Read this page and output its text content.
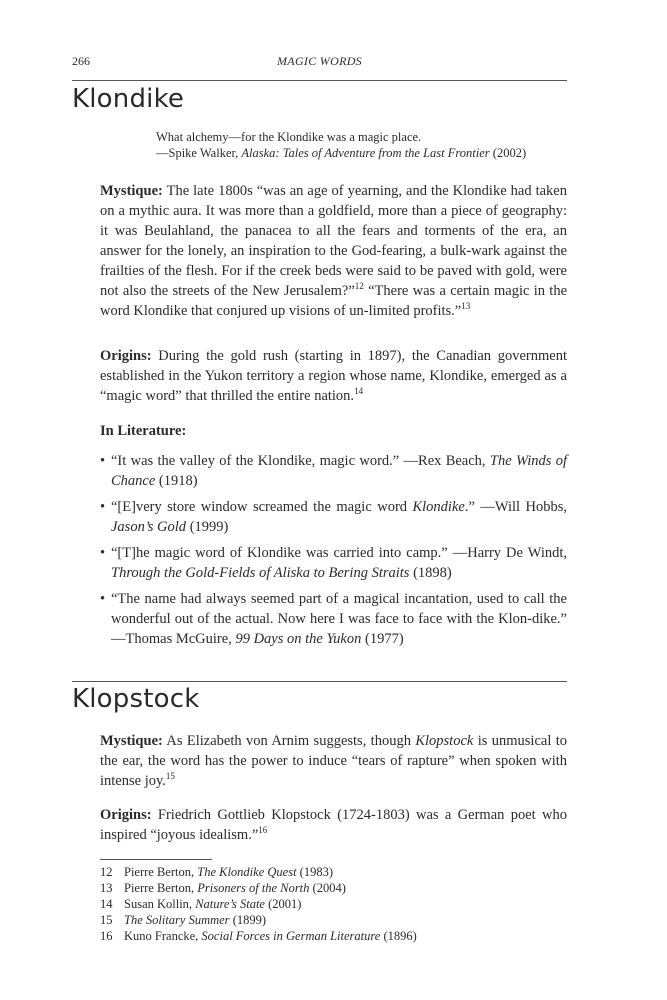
266	MAGIC WORDS
Klondike
What alchemy—for the Klondike was a magic place.
—Spike Walker, Alaska: Tales of Adventure from the Last Frontier (2002)
Mystique: The late 1800s “was an age of yearning, and the Klondike had taken on a mythic aura. It was more than a goldfield, more than a piece of geography: it was Beulahland, the panacea to all the fears and torments of the era, an answer for the lonely, an inspiration to the God-fearing, a bulk-wark against the frailties of the flesh. For if the creek beds were said to be paved with gold, were not also the streets of the New Jerusalem?”$^{12}$ “There was a certain magic in the word Klondike that conjured up visions of un-limited profits.”$^{13}$
Origins: During the gold rush (starting in 1897), the Canadian government established in the Yukon territory a region whose name, Klondike, emerged as a “magic word” that thrilled the entire nation.$^{14}$
In Literature:
• “It was the valley of the Klondike, magic word.” —Rex Beach, The Winds of Chance (1918)
• “[E]very store window screamed the magic word Klondike.” —Will Hobbs, Jason’s Gold (1999)
• “[T]he magic word of Klondike was carried into camp.” —Harry De Windt, Through the Gold-Fields of Aliska to Bering Straits (1898)
• “The name had always seemed part of a magical incantation, used to call the wonderful out of the actual. Now here I was face to face with the Klon-dike.” —Thomas McGuire, 99 Days on the Yukon (1977)
Klopstock
Mystique: As Elizabeth von Arnim suggests, though Klopstock is unmusical to the ear, the word has the power to induce “tears of rapture” when spoken with intense joy.$^{15}$
Origins: Friedrich Gottlieb Klopstock (1724-1803) was a German poet who inspired “joyous idealism.”$^{16}$
12 Pierre Berton, The Klondike Quest (1983)
13 Pierre Berton, Prisoners of the North (2004)
14 Susan Kollin, Nature’s State (2001)
15 The Solitary Summer (1899)
16 Kuno Francke, Social Forces in German Literature (1896)
